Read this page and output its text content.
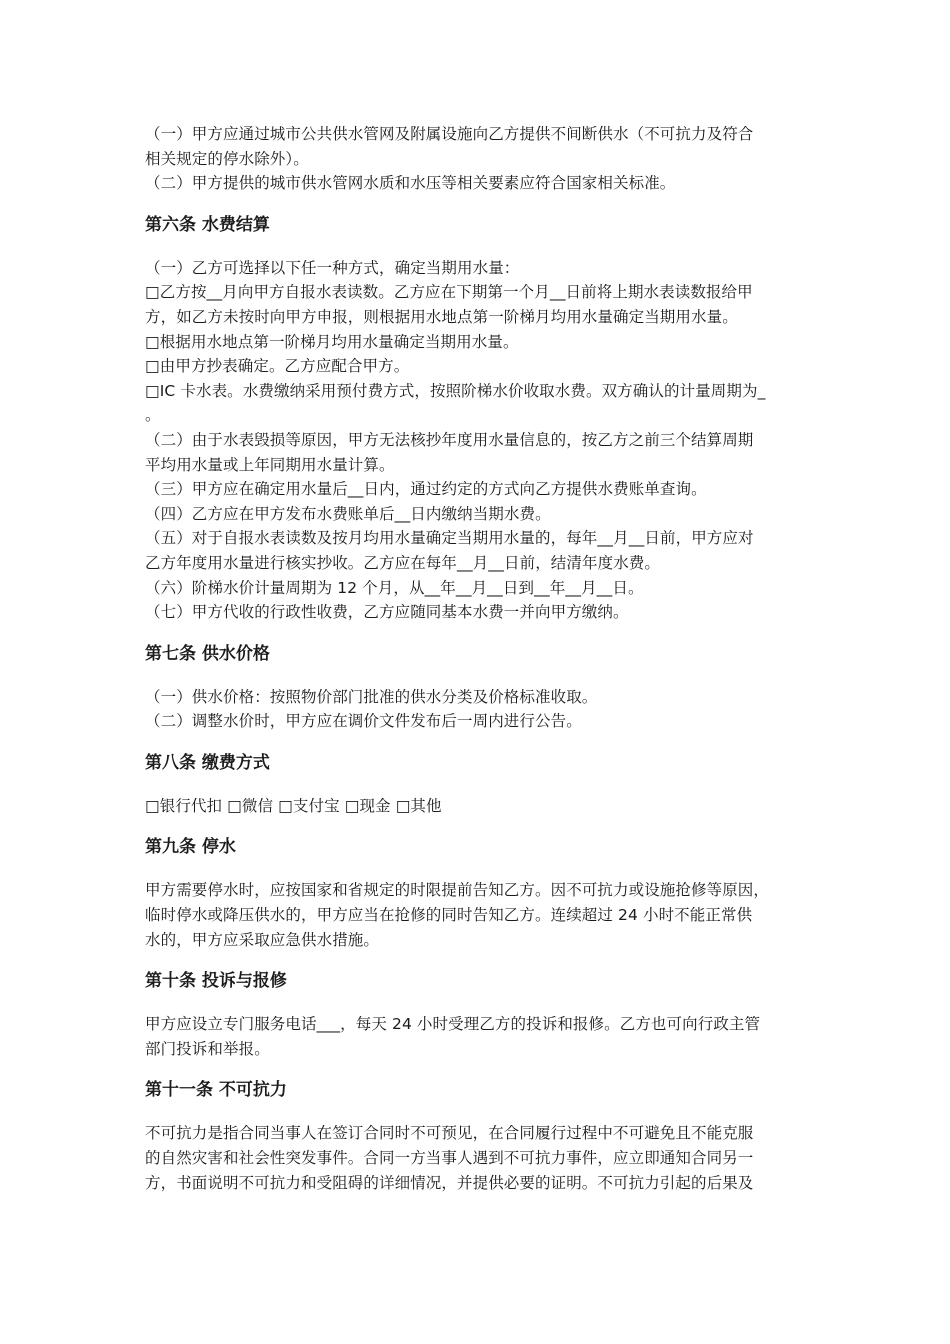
（一）甲方应通过城市公共供水管网及附属设施向乙方提供不间断供水（不可抗力及符合
相关规定的停水除外）。
（二）甲方提供的城市供水管网水质和水压等相关要素应符合国家相关标准。
第六条 水费结算
（一）乙方可选择以下任一种方式，确定当期用水量：
□乙方按__月向甲方自报水表读数。乙方应在下期第一个月__日前将上期水表读数报给甲
方，如乙方未按时向甲方申报，则根据用水地点第一阶梯月均用水量确定当期用水量。
□根据用水地点第一阶梯月均用水量确定当期用水量。
□由甲方抄表确定。乙方应配合甲方。
□IC 卡水表。水费缴纳采用预付费方式，按照阶梯水价收取水费。双方确认的计量周期为_
。
（二）由于水表毁损等原因，甲方无法核抄年度用水量信息的，按乙方之前三个结算周期
平均用水量或上年同期用水量计算。
（三）甲方应在确定用水量后__日内，通过约定的方式向乙方提供水费账单查询。
（四）乙方应在甲方发布水费账单后__日内缴纳当期水费。
（五）对于自报水表读数及按月均用水量确定当期用水量的，每年__月__日前，甲方应对
乙方年度用水量进行核实抄收。乙方应在每年__月__日前，结清年度水费。
（六）阶梯水价计量周期为 12 个月，从__年__月__日到__年__月__日。
（七）甲方代收的行政性收费，乙方应随同基本水费一并向甲方缴纳。
第七条 供水价格
（一）供水价格：按照物价部门批准的供水分类及价格标准收取。
（二）调整水价时，甲方应在调价文件发布后一周内进行公告。
第八条 缴费方式
□银行代扣 □微信 □支付宝 □现金 □其他
第九条 停水
甲方需要停水时，应按国家和省规定的时限提前告知乙方。因不可抗力或设施抢修等原因，
临时停水或降压供水的，甲方应当在抢修的同时告知乙方。连续超过 24 小时不能正常供
水的，甲方应采取应急供水措施。
第十条 投诉与报修
甲方应设立专门服务电话___，每天 24 小时受理乙方的投诉和报修。乙方也可向行政主管
部门投诉和举报。
第十一条 不可抗力
不可抗力是指合同当事人在签订合同时不可预见，在合同履行过程中不可避免且不能克服
的自然灾害和社会性突发事件。合同一方当事人遇到不可抗力事件，应立即通知合同另一
方，书面说明不可抗力和受阻碍的详细情况，并提供必要的证明。不可抗力引起的后果及
